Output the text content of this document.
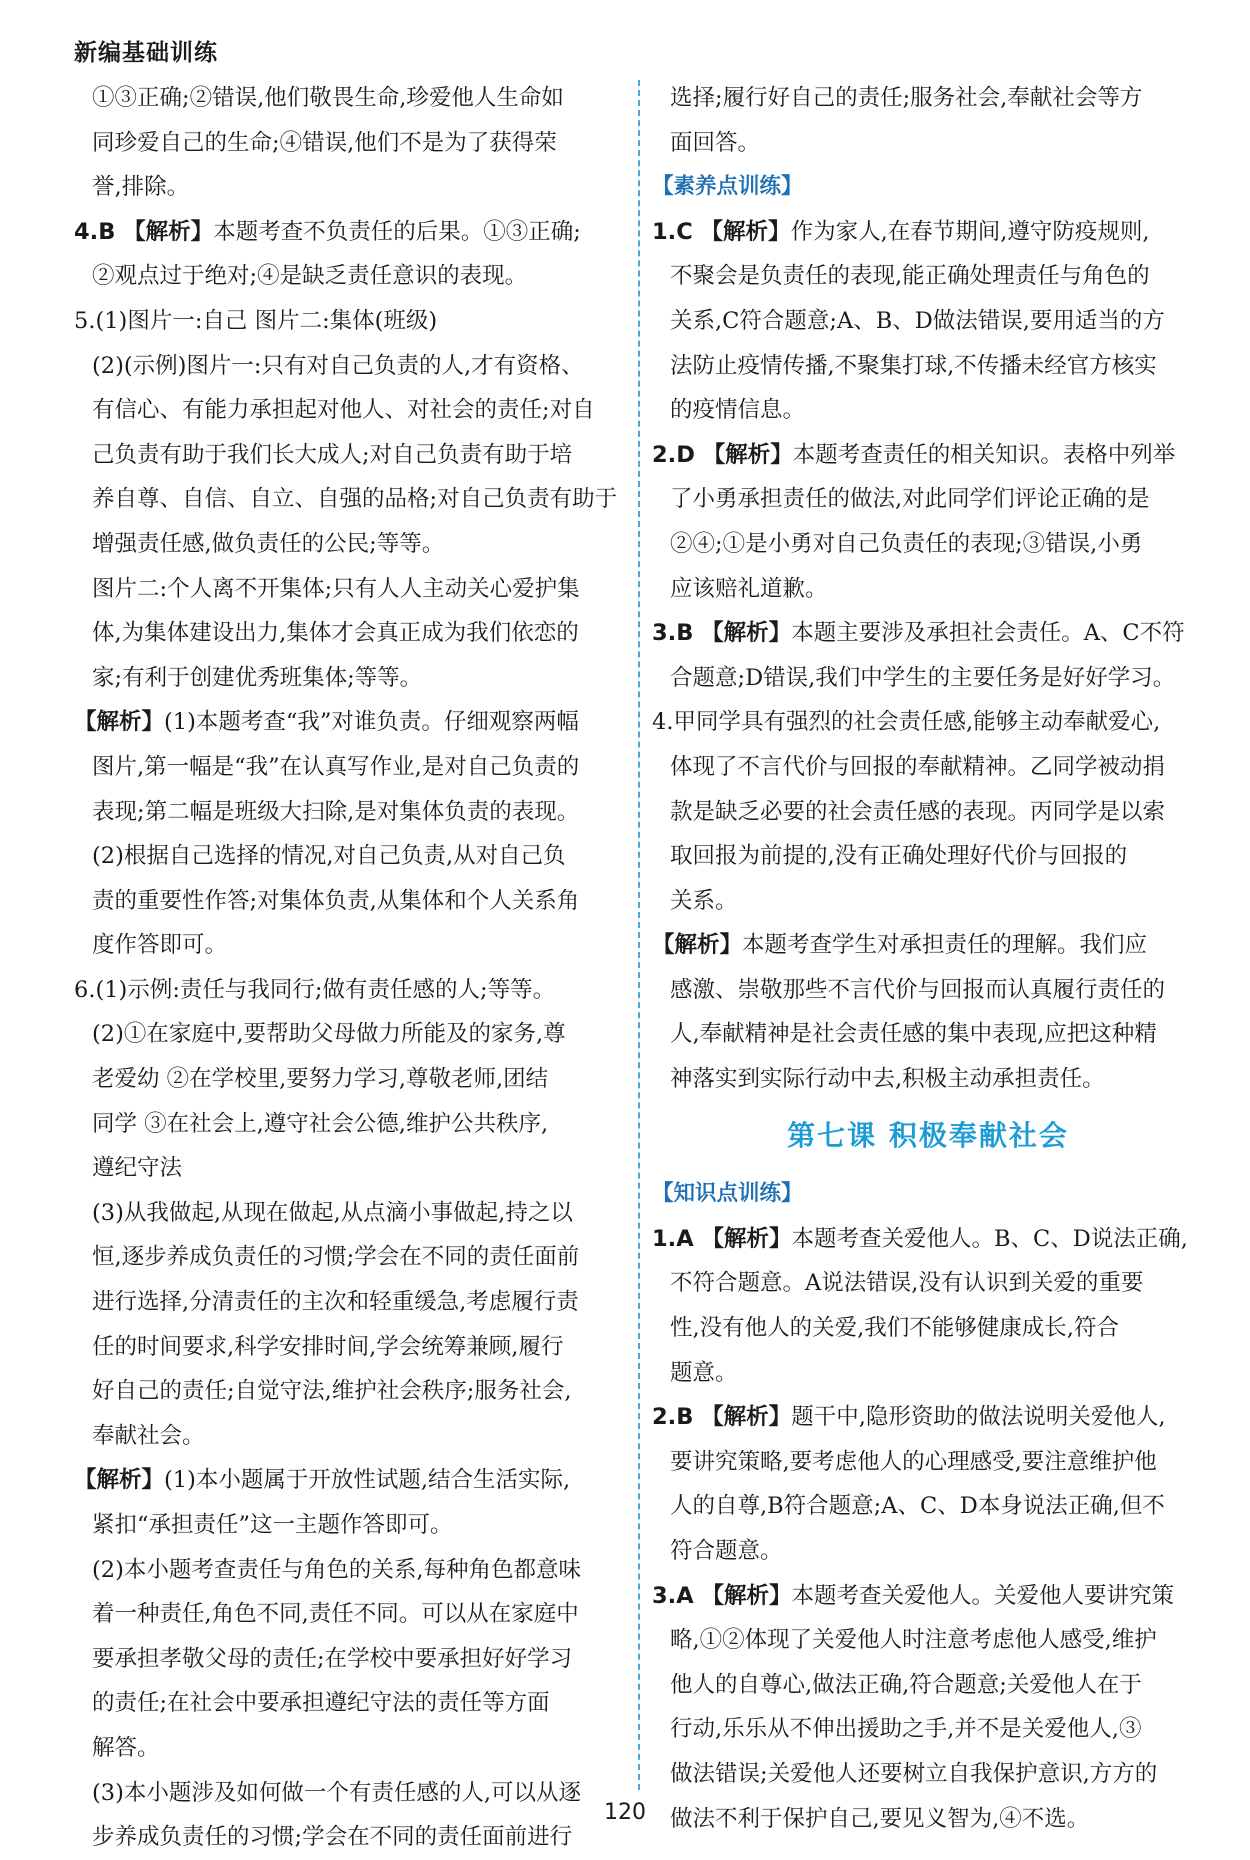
新编基础训练

①③正确;②错误,他们敬畏生命,珍爱他人生命如

同珍爱自己的生命;④错误,他们不是为了获得荣

誉,排除。

4.B 【解析】本题考查不负责任的后果。①③正确;

②观点过于绝对;④是缺乏责任意识的表现。

5.(1)图片一:自己 图片二:集体(班级)

(2)(示例)图片一:只有对自己负责的人,才有资格、

有信心、有能力承担起对他人、对社会的责任;对自

己负责有助于我们长大成人;对自己负责有助于培

养自尊、自信、自立、自强的品格;对自己负责有助于

增强责任感,做负责任的公民;等等。

图片二:个人离不开集体;只有人人主动关心爱护集

体,为集体建设出力,集体才会真正成为我们依恋的

家;有利于创建优秀班集体;等等。

【解析】(1)本题考查“我”对谁负责。仔细观察两幅

图片,第一幅是“我”在认真写作业,是对自己负责的

表现;第二幅是班级大扫除,是对集体负责的表现。

(2)根据自己选择的情况,对自己负责,从对自己负

责的重要性作答;对集体负责,从集体和个人关系角

度作答即可。

6.(1)示例:责任与我同行;做有责任感的人;等等。

(2)①在家庭中,要帮助父母做力所能及的家务,尊

老爱幼 ②在学校里,要努力学习,尊敬老师,团结

同学 ③在社会上,遵守社会公德,维护公共秩序,

遵纪守法

(3)从我做起,从现在做起,从点滴小事做起,持之以

恒,逐步养成负责任的习惯;学会在不同的责任面前

进行选择,分清责任的主次和轻重缓急,考虑履行责

任的时间要求,科学安排时间,学会统筹兼顾,履行

好自己的责任;自觉守法,维护社会秩序;服务社会,

奉献社会。

【解析】(1)本小题属于开放性试题,结合生活实际,

紧扣“承担责任”这一主题作答即可。

(2)本小题考查责任与角色的关系,每种角色都意味

着一种责任,角色不同,责任不同。可以从在家庭中

要承担孝敬父母的责任;在学校中要承担好好学习

的责任;在社会中要承担遵纪守法的责任等方面

解答。

(3)本小题涉及如何做一个有责任感的人,可以从逐

步养成负责任的习惯;学会在不同的责任面前进行

选择;履行好自己的责任;服务社会,奉献社会等方

面回答。

【素养点训练】

1.C 【解析】作为家人,在春节期间,遵守防疫规则,

不聚会是负责任的表现,能正确处理责任与角色的

关系,C符合题意;A、B、D做法错误,要用适当的方

法防止疫情传播,不聚集打球,不传播未经官方核实

的疫情信息。

2.D 【解析】本题考查责任的相关知识。表格中列举

了小勇承担责任的做法,对此同学们评论正确的是

②④;①是小勇对自己负责任的表现;③错误,小勇

应该赔礼道歉。

3.B 【解析】本题主要涉及承担社会责任。A、C不符

合题意;D错误,我们中学生的主要任务是好好学习。

4.甲同学具有强烈的社会责任感,能够主动奉献爱心,

体现了不言代价与回报的奉献精神。乙同学被动捐

款是缺乏必要的社会责任感的表现。丙同学是以索

取回报为前提的,没有正确处理好代价与回报的

关系。

【解析】本题考查学生对承担责任的理解。我们应

感激、崇敬那些不言代价与回报而认真履行责任的

人,奉献精神是社会责任感的集中表现,应把这种精

神落实到实际行动中去,积极主动承担责任。

第七课 积极奉献社会

【知识点训练】

1.A 【解析】本题考查关爱他人。B、C、D说法正确,

不符合题意。A说法错误,没有认识到关爱的重要

性,没有他人的关爱,我们不能够健康成长,符合

题意。

2.B 【解析】题干中,隐形资助的做法说明关爱他人,

要讲究策略,要考虑他人的心理感受,要注意维护他

人的自尊,B符合题意;A、C、D本身说法正确,但不

符合题意。

3.A 【解析】本题考查关爱他人。关爱他人要讲究策

略,①②体现了关爱他人时注意考虑他人感受,维护

他人的自尊心,做法正确,符合题意;关爱他人在于

行动,乐乐从不伸出援助之手,并不是关爱他人,③

做法错误;关爱他人还要树立自我保护意识,方方的

做法不利于保护自己,要见义智为,④不选。

120
